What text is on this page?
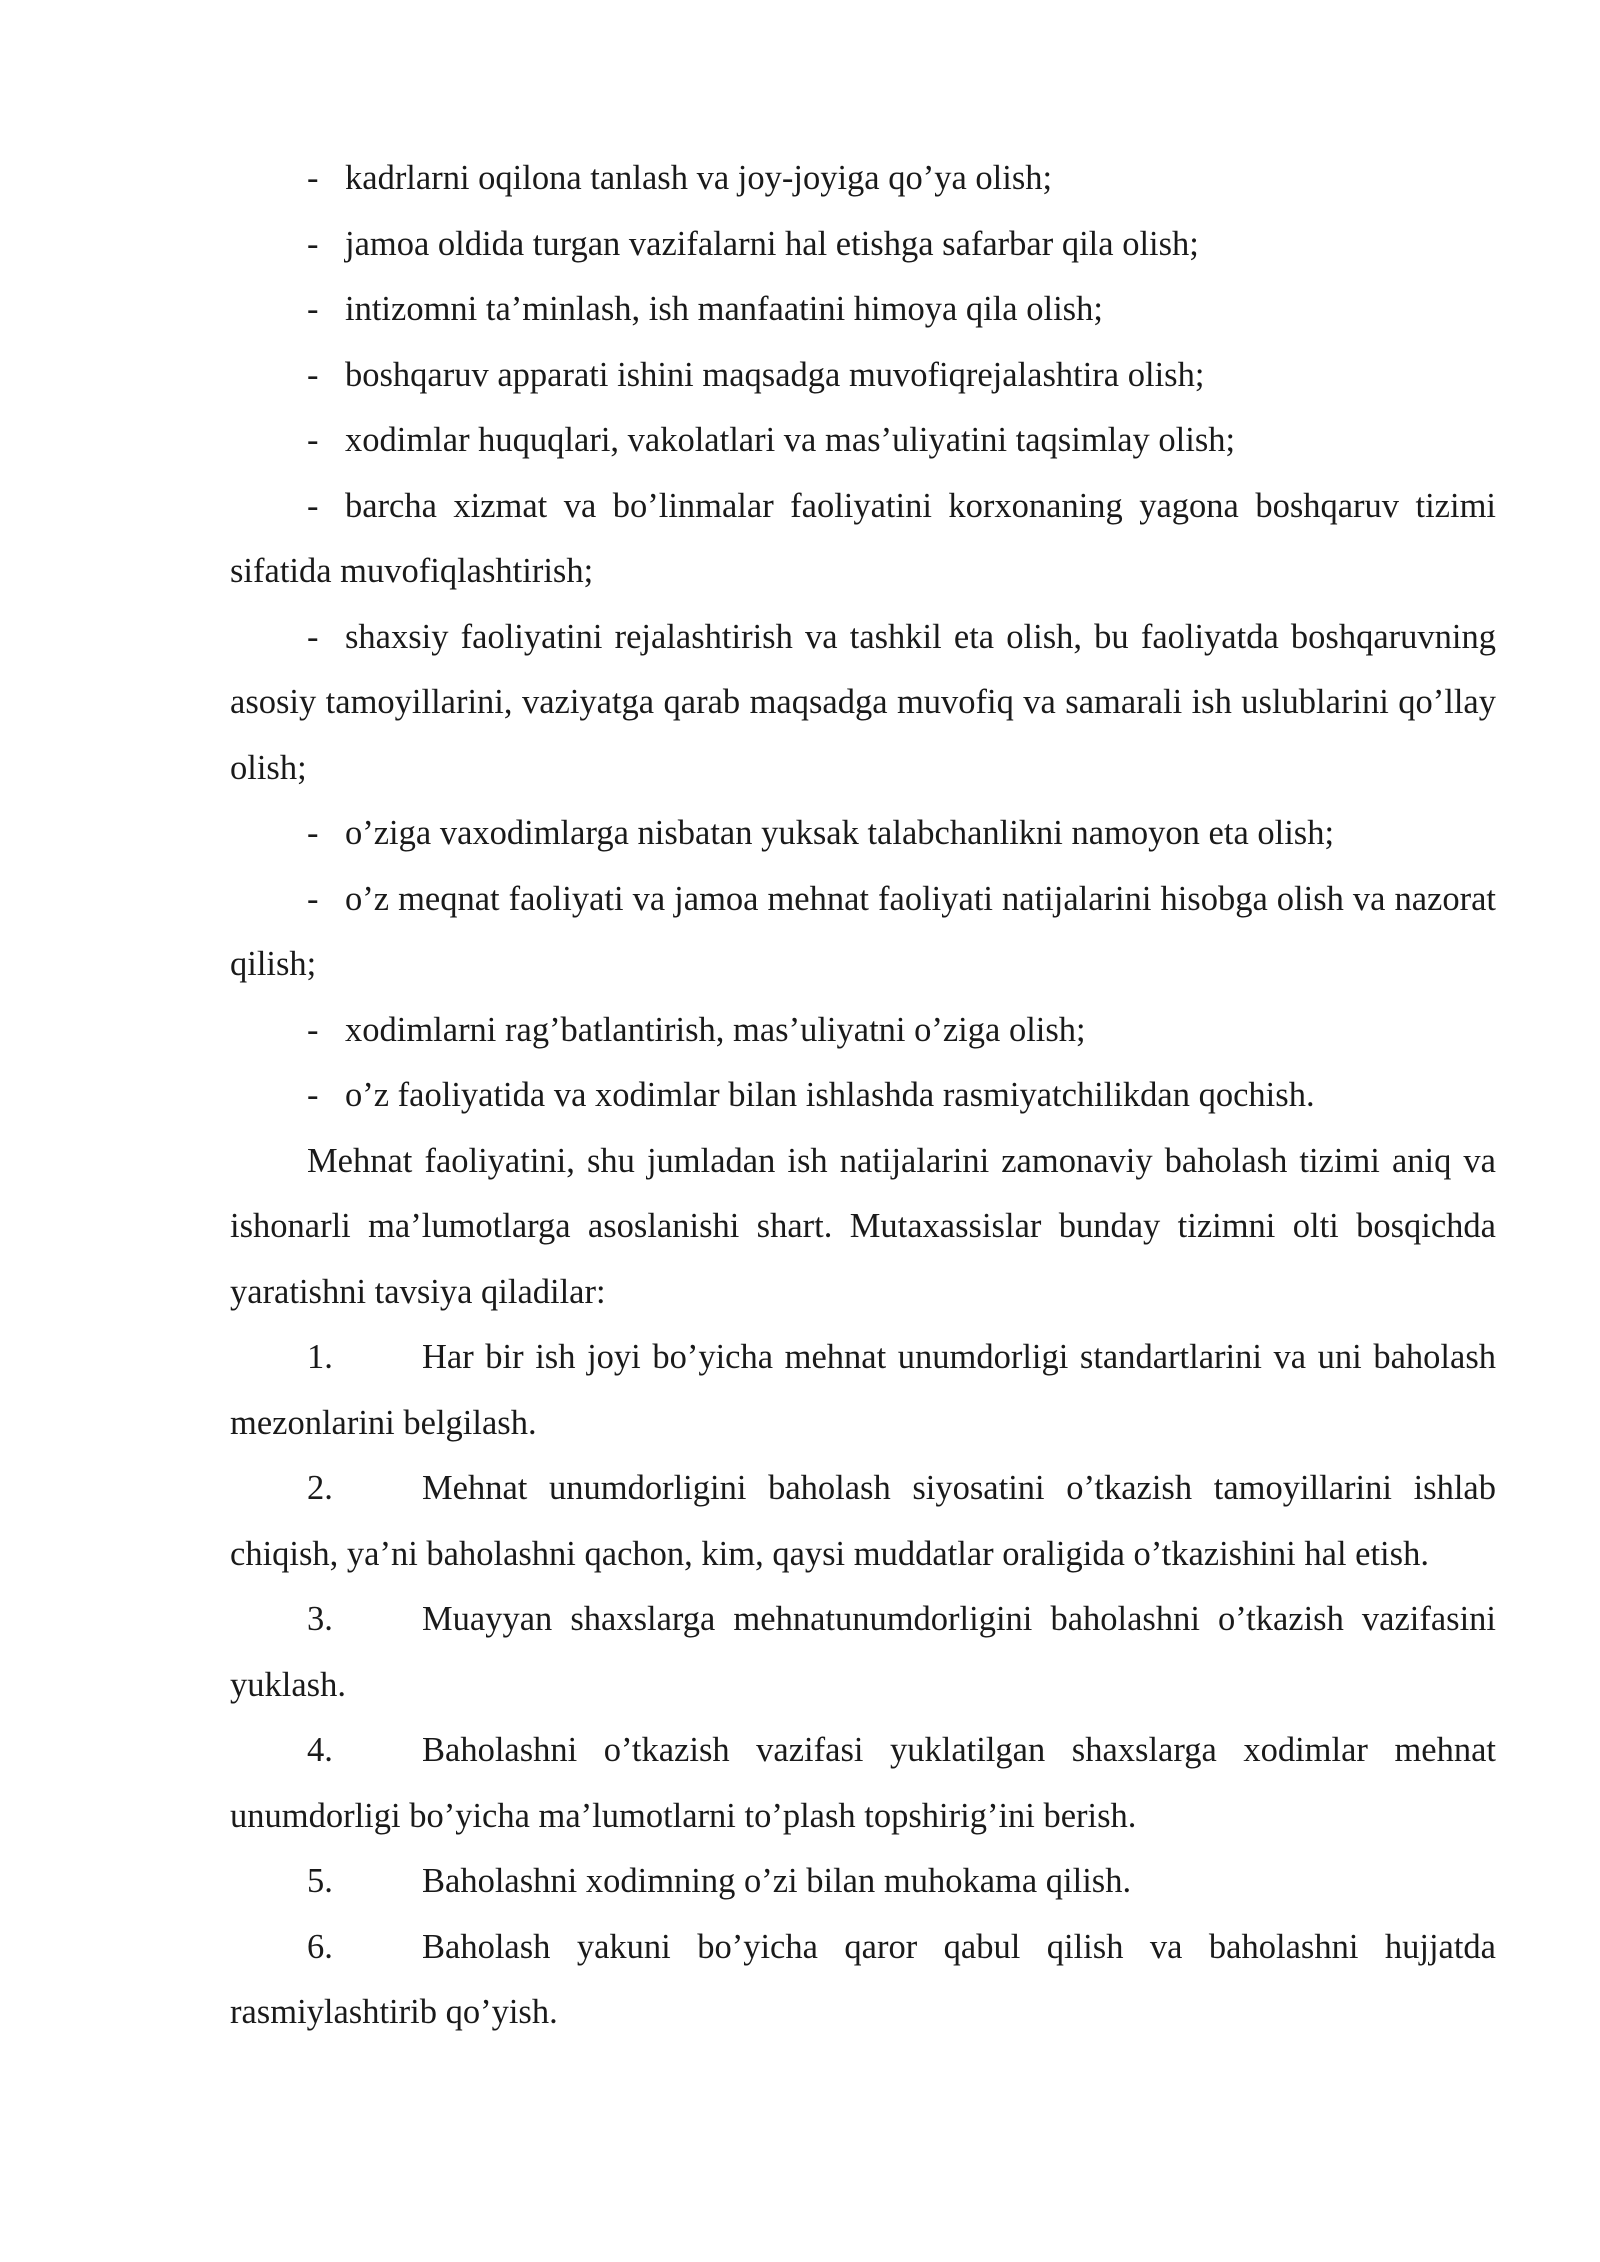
- kadrlarni oqilona tanlash va joy-joyiga qo’ya olish;

- jamoa oldida turgan vazifalarni hal etishga safarbar qila olish;

- intizomni ta’minlash, ish manfaatini himoya qila olish;

- boshqaruv apparati ishini maqsadga muvofiqrejalashtira olish;

- xodimlar huquqlari, vakolatlari va mas’uliyatini taqsimlay olish;

- barcha xizmat va bo’linmalar faoliyatini korxonaning yagona boshqaruv tizimi sifatida muvofiqlashtirish;

- shaxsiy faoliyatini rejalashtirish va tashkil eta olish, bu faoliyatda boshqaruvning asosiy tamoyillarini, vaziyatga qarab maqsadga muvofiq va samarali ish uslublarini qo’llay olish;

- o’ziga vaxodimlarga nisbatan yuksak talabchanlikni namoyon eta olish;

- o’z meqnat faoliyati va jamoa mehnat faoliyati natijalarini hisobga olish va nazorat qilish;

- xodimlarni rag’batlantirish, mas’uliyatni o’ziga olish;

- o’z faoliyatida va xodimlar bilan ishlashda rasmiyatchilikdan qochish.

Mehnat faoliyatini, shu jumladan ish natijalarini zamonaviy baholash tizimi aniq va ishonarli ma’lumotlarga asoslanishi shart. Mutaxassislar bunday tizimni olti bosqichda yaratishni tavsiya qiladilar:

1.	Har bir ish joyi bo’yicha mehnat unumdorligi standartlarini va uni baholash mezonlarini belgilash.

2.	Mehnat unumdorligini baholash siyosatini o’tkazish tamoyillarini ishlab chiqish, ya’ni baholashni qachon, kim, qaysi muddatlar oraligida o’tkazishini hal etish.

3.	Muayyan shaxslarga mehnatunumdorligini baholashni o’tkazish vazifasini yuklash.

4.	Baholashni o’tkazish vazifasi yuklatilgan shaxslarga xodimlar mehnat unumdorligi bo’yicha ma’lumotlarni to’plash topshirig’ini berish.

5.	Baholashni xodimning o’zi bilan muhokama qilish.

6.	Baholash yakuni bo’yicha qaror qabul qilish va baholashni hujjatda rasmiylashtirib qo’yish.
